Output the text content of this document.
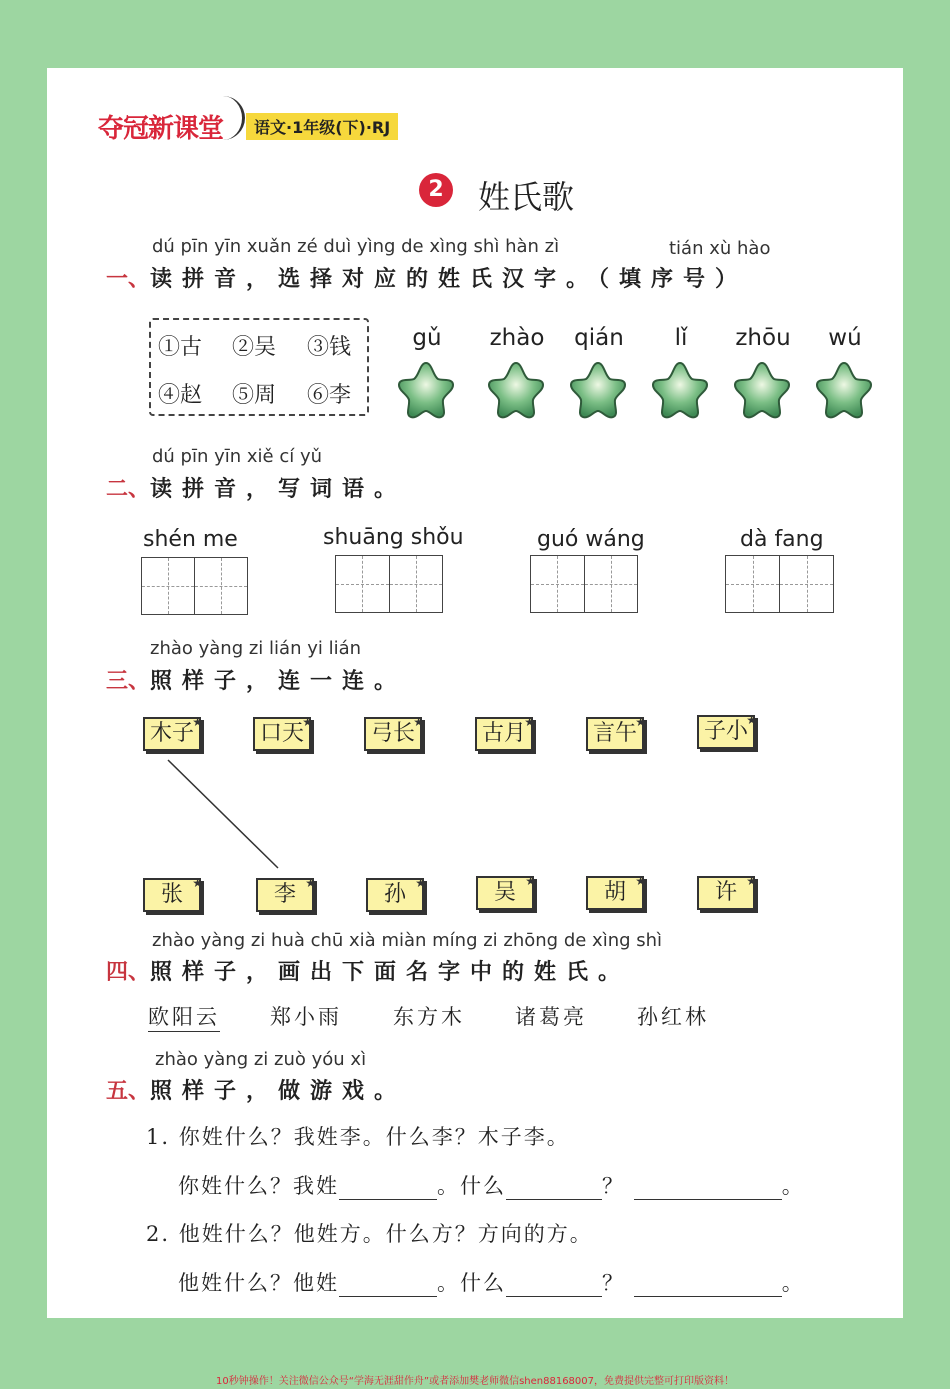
夺冠新课堂	语文·1年级(下)·RJ
2 姓氏歌
dú pīn yīn xuǎn zé duì yìng de xìng shì hàn zì	tián xù hào
一、读拼音，选择对应的姓氏汉字。（填序号）
①古 ②吴 ③钱
④赵 ⑤周 ⑥李
gǔ	zhào	qián	lǐ	zhōu	wú
dú pīn yīn xiě cí yǔ
二、读拼音，写词语。
shén me	shuāng shǒu	guó wáng	dà fang
zhào yàng zi lián yi lián
三、照样子，连一连。
木子
★	口天
★	弓长
★	古月
★	言午
★	子小
★
张 ★	李 ★	孙 ★	吴 ★	胡 ★	许 ★
zhào yàng zi huà chū xià miàn míng zi zhōng de xìng shì
四、照样子，画出下面名字中的姓氏。
欧阳云 郑小雨 东方木 诸葛亮 孙红林
zhào yàng zi zuò yóu xì
五、照样子，做游戏。
1. 你姓什么？我姓李。什么李？木子李。
你姓什么？我姓	。什么	？	。
2. 他姓什么？他姓方。什么方？方向的方。
他姓什么？他姓	。什么	？	。
10秒钟操作！关注微信公众号“学海无涯甜作舟”或者添加樊老师微信shen88168007，免费提供完整可打印版资料！
